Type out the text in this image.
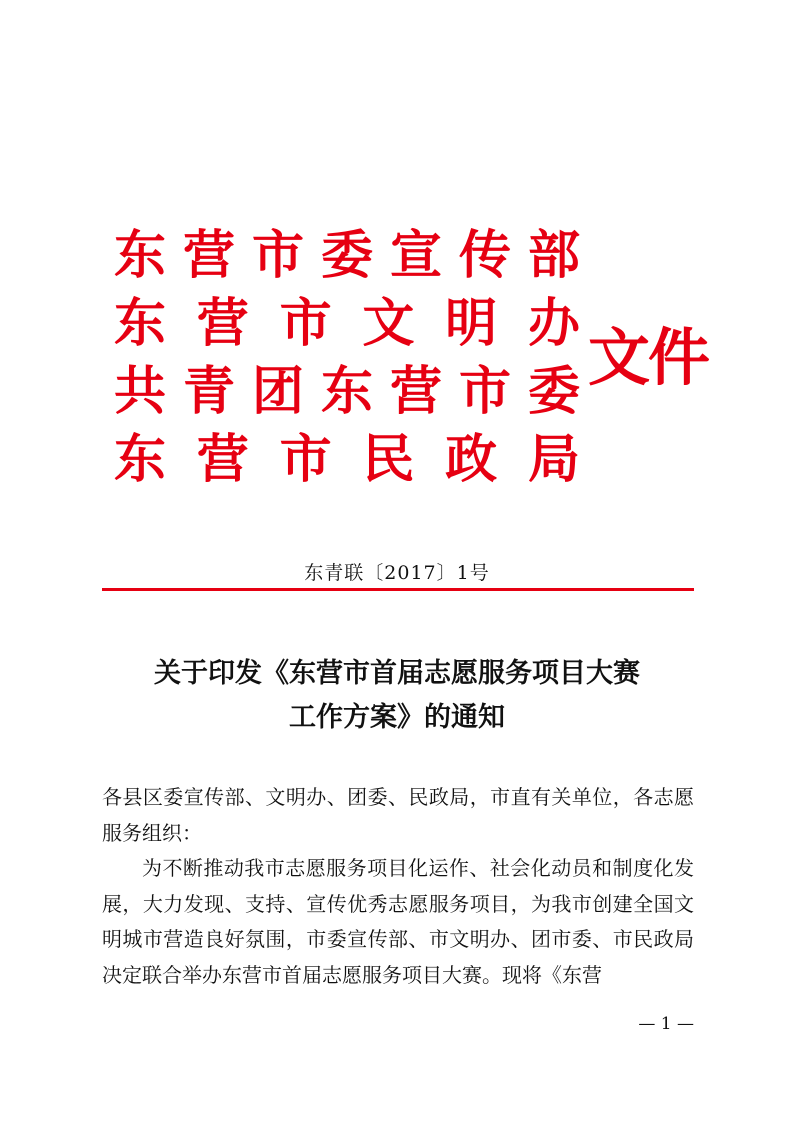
东 营 市 委 宣 传 部
东 营 市 文 明 办
共 青 团 东 营 市 委
东 营 市 民 政 局
文件
东青联〔2017〕1号
关于印发《东营市首届志愿服务项目大赛
工作方案》的通知

各县区委宣传部、文明办、团委、民政局，市直有关单位，各志愿服务组织：

为不断推动我市志愿服务项目化运作、社会化动员和制度化发展，大力发现、支持、宣传优秀志愿服务项目，为我市创建全国文明城市营造良好氛围，市委宣传部、市文明办、团市委、市民政局决定联合举办东营市首届志愿服务项目大赛。现将《东营

— 1 —
